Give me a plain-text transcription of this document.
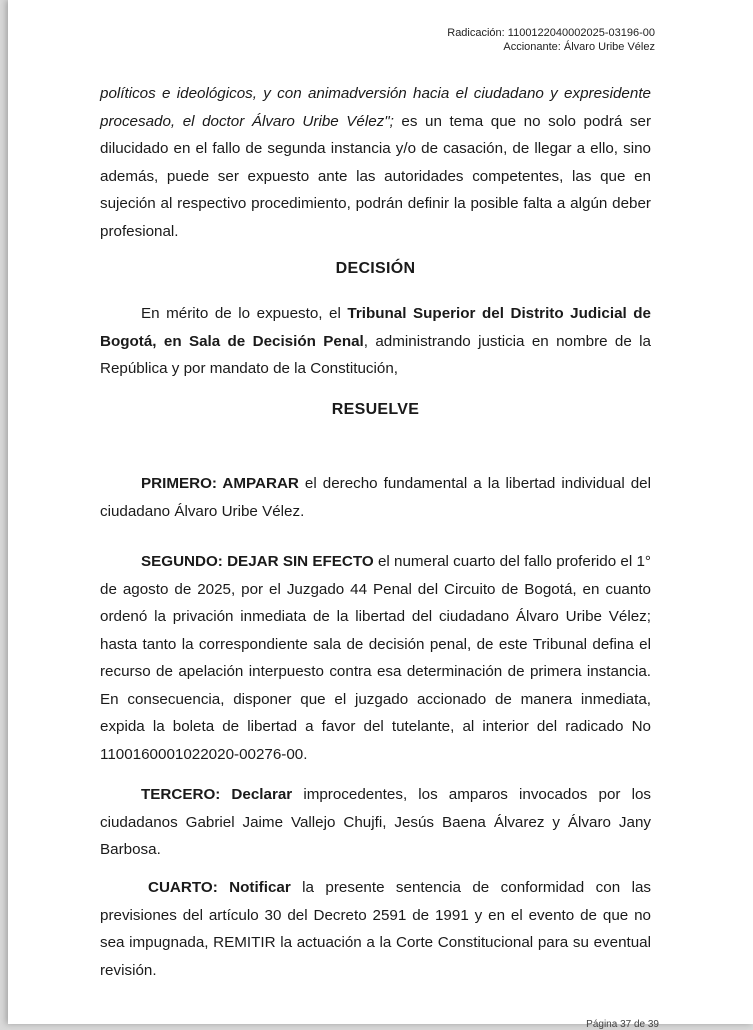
Radicación: 1100122040002025-03196-00
Accionante: Álvaro Uribe Vélez

políticos e ideológicos, y con animadversión hacia el ciudadano y expresidente procesado, el doctor Álvaro Uribe Vélez"; es un tema que no solo podrá ser dilucidado en el fallo de segunda instancia y/o de casación, de llegar a ello, sino además, puede ser expuesto ante las autoridades competentes, las que en sujeción al respectivo procedimiento, podrán definir la posible falta a algún deber profesional.

DECISIÓN

En mérito de lo expuesto, el Tribunal Superior del Distrito Judicial de Bogotá, en Sala de Decisión Penal, administrando justicia en nombre de la República y por mandato de la Constitución,

RESUELVE

PRIMERO: AMPARAR el derecho fundamental a la libertad individual del ciudadano Álvaro Uribe Vélez.

SEGUNDO: DEJAR SIN EFECTO el numeral cuarto del fallo proferido el 1° de agosto de 2025, por el Juzgado 44 Penal del Circuito de Bogotá, en cuanto ordenó la privación inmediata de la libertad del ciudadano Álvaro Uribe Vélez; hasta tanto la correspondiente sala de decisión penal, de este Tribunal defina el recurso de apelación interpuesto contra esa determinación de primera instancia. En consecuencia, disponer que el juzgado accionado de manera inmediata, expida la boleta de libertad a favor del tutelante, al interior del radicado No 1100160001022020-00276-00.

TERCERO: Declarar improcedentes, los amparos invocados por los ciudadanos Gabriel Jaime Vallejo Chujfi, Jesús Baena Álvarez y Álvaro Jany Barbosa.

CUARTO: Notificar la presente sentencia de conformidad con las previsiones del artículo 30 del Decreto 2591 de 1991 y en el evento de que no sea impugnada, REMITIR la actuación a la Corte Constitucional para su eventual revisión.

Página 37 de 39
